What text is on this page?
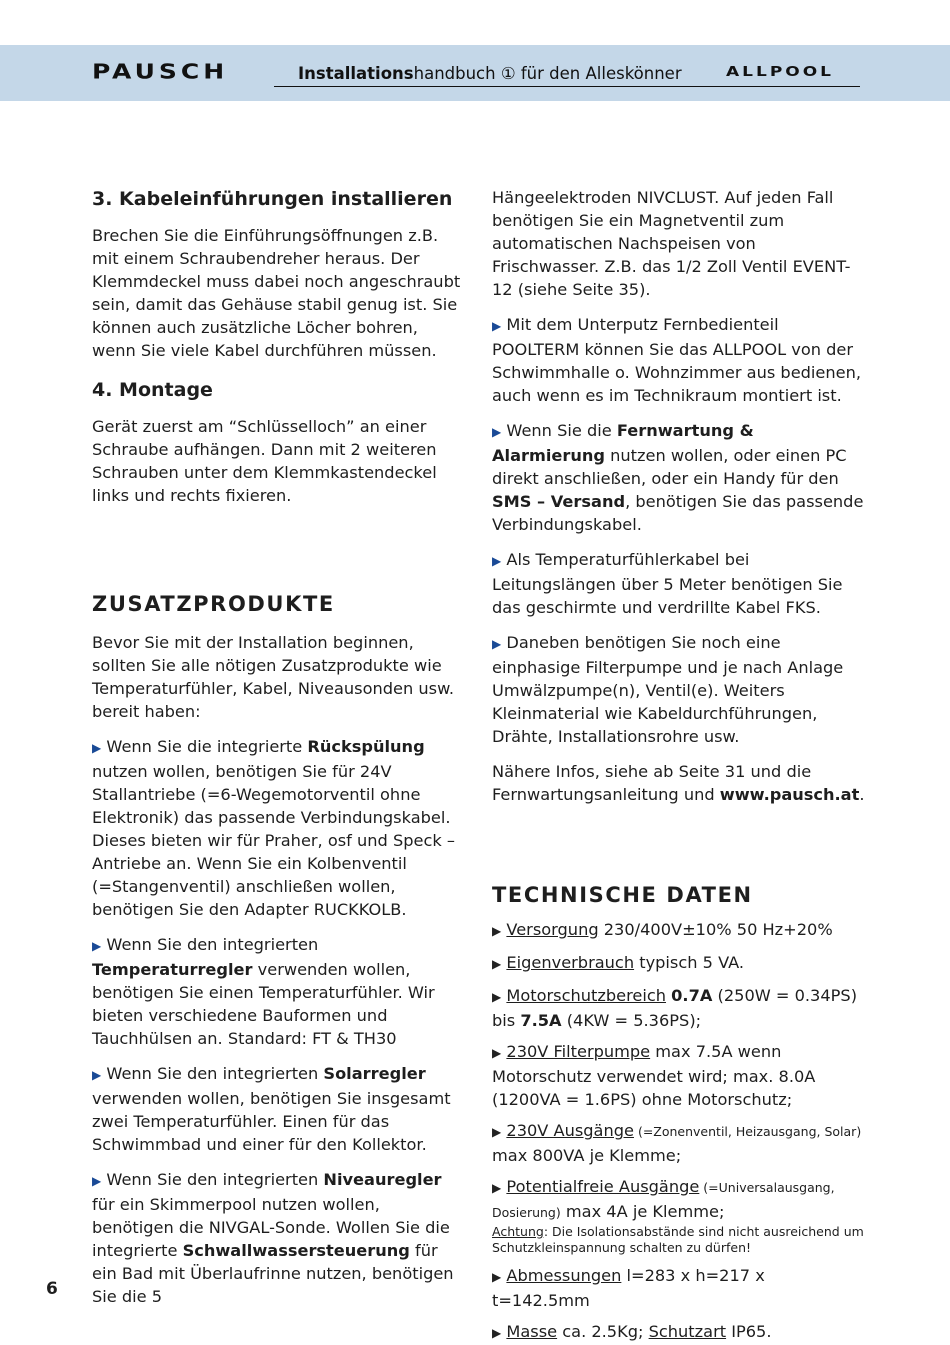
PAUSCH	Installationshandbuch ① für den Alleskönner	ALLPOOL
3. Kabeleinführungen installieren

Brechen Sie die Einführungsöffnungen z.B. mit einem Schraubendreher heraus. Der Klemmdeckel muss dabei noch angeschraubt sein, damit das Gehäuse stabil genug ist. Sie können auch zusätzliche Löcher bohren, wenn Sie viele Kabel durchführen müssen.

4. Montage

Gerät zuerst am “Schlüsselloch” an einer Schraube aufhängen. Dann mit 2 weiteren Schrauben unter dem Klemmkastendeckel links und rechts fixieren.

ZUSATZPRODUKTE

Bevor Sie mit der Installation beginnen, sollten Sie alle nötigen Zusatzprodukte wie Temperaturfühler, Kabel, Niveausonden usw. bereit haben:

▶ Wenn Sie die integrierte Rückspülung nutzen wollen, benötigen Sie für 24V Stallantriebe (=6-Wegemotorventil ohne Elektronik) das passende Verbindungskabel. Dieses bieten wir für Praher, osf und Speck – Antriebe an. Wenn Sie ein Kolbenventil (=Stangenventil) anschließen wollen, benötigen Sie den Adapter RUCKKOLB.

▶ Wenn Sie den integrierten Temperaturregler verwenden wollen, benötigen Sie einen Temperaturfühler. Wir bieten verschiedene Bauformen und Tauchhülsen an. Standard: FT & TH30

▶ Wenn Sie den integrierten Solarregler verwenden wollen, benötigen Sie insgesamt zwei Temperaturfühler. Einen für das Schwimmbad und einer für den Kollektor.

▶ Wenn Sie den integrierten Niveauregler für ein Skimmerpool nutzen wollen, benötigen die NIVGAL-Sonde. Wollen Sie die integrierte Schwallwassersteuerung für ein Bad mit Überlaufrinne nutzen, benötigen Sie die 5

Hängeelektroden NIVCLUST. Auf jeden Fall benötigen Sie ein Magnetventil zum automatischen Nachspeisen von Frischwasser. Z.B. das 1/2 Zoll Ventil EVENT-12 (siehe Seite 35).

▶ Mit dem Unterputz Fernbedienteil POOLTERM können Sie das ALLPOOL von der Schwimmhalle o. Wohnzimmer aus bedienen, auch wenn es im Technikraum montiert ist.

▶ Wenn Sie die Fernwartung & Alarmierung nutzen wollen, oder einen PC direkt anschließen, oder ein Handy für den SMS – Versand, benötigen Sie das passende Verbindungskabel.

▶ Als Temperaturfühlerkabel bei Leitungslängen über 5 Meter benötigen Sie das geschirmte und verdrillte Kabel FKS.

▶ Daneben benötigen Sie noch eine einphasige Filterpumpe und je nach Anlage Umwälzpumpe(n), Ventil(e). Weiters Kleinmaterial wie Kabeldurchführungen, Drähte, Installationsrohre usw.

Nähere Infos, siehe ab Seite 31 und die Fernwartungsanleitung und www.pausch.at.

TECHNISCHE DATEN

▶ Versorgung 230/400V±10% 50 Hz+20%

▶ Eigenverbrauch typisch 5 VA.

▶ Motorschutzbereich 0.7A (250W = 0.34PS) bis 7.5A (4KW = 5.36PS);

▶ 230V Filterpumpe max 7.5A wenn Motorschutz verwendet wird; max. 8.0A (1200VA = 1.6PS) ohne Motorschutz;

▶ 230V Ausgänge (=Zonenventil, Heizausgang, Solar) max 800VA je Klemme;

▶ Potentialfreie Ausgänge (=Universalausgang, Dosierung) max 4A je Klemme;

Achtung: Die Isolationsabstände sind nicht ausreichend um Schutzkleinspannung schalten zu dürfen!

▶ Abmessungen l=283 x h=217 x t=142.5mm

▶ Masse ca. 2.5Kg; Schutzart IP65.

6
